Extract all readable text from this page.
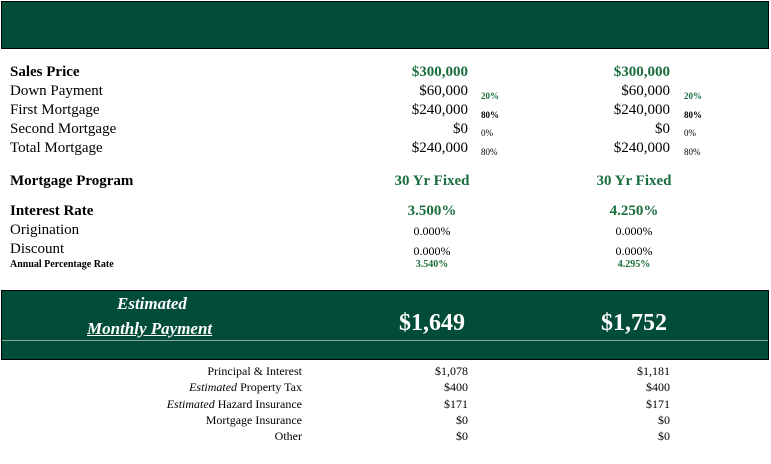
Sales Price
Down Payment
First Mortgage
Second Mortgage
Total Mortgage
Mortgage Program
Interest Rate
Origination
Discount
Annual Percentage Rate
$300,000
$60,000 20%
$240,000 80%
$0 0%
$240,000 80%
30 Yr Fixed
3.500%
0.000%
0.000%
3.540%
$300,000
$60,000 20%
$240,000 80%
$0 0%
$240,000 80%
30 Yr Fixed
4.250%
0.000%
0.000%
4.295%
Estimated
Monthly Payment	$1,649	$1,752
Principal & Interest
Estimated Property Tax
Estimated Hazard Insurance
Mortgage Insurance
Other
$1,078
$400
$171
$0
$0
$1,181
$400
$171
$0
$0
